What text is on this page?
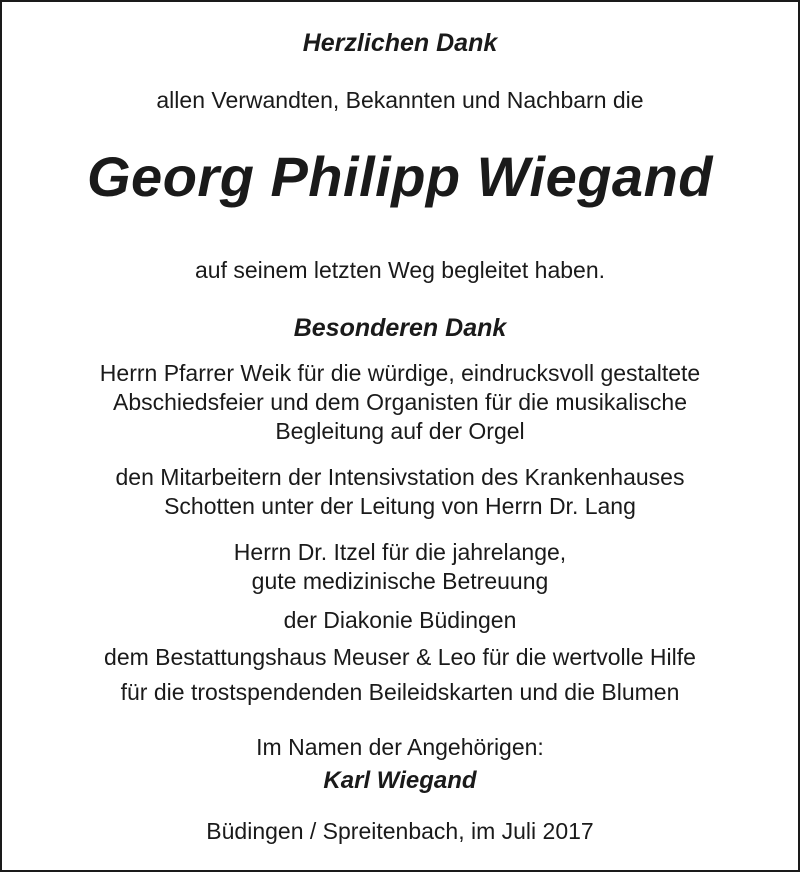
Herzlichen Dank
allen Verwandten, Bekannten und Nachbarn die
Georg Philipp Wiegand
auf seinem letzten Weg begleitet haben.
Besonderen Dank
Herrn Pfarrer Weik für die würdige, eindrucksvoll gestaltete
Abschiedsfeier und dem Organisten für die musikalische
Begleitung auf der Orgel
den Mitarbeitern der Intensivstation des Krankenhauses
Schotten unter der Leitung von Herrn Dr. Lang
Herrn Dr. Itzel für die jahrelange,
gute medizinische Betreuung
der Diakonie Büdingen
dem Bestattungshaus Meuser & Leo für die wertvolle Hilfe
für die trostspendenden Beileidskarten und die Blumen
Im Namen der Angehörigen:
Karl Wiegand
Büdingen / Spreitenbach, im Juli 2017
